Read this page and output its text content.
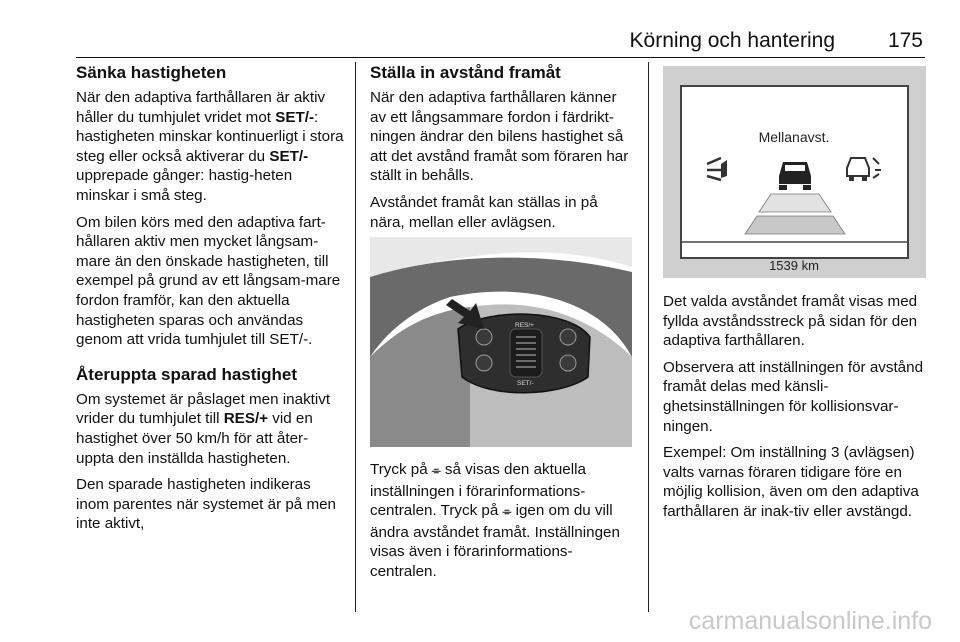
Körning och hantering	175
Sänka hastigheten

När den adaptiva farthållaren är aktiv håller du tumhjulet vridet mot SET/-: hastigheten minskar kontinuerligt i stora steg eller också aktiverar du SET/- upprepade gånger: hastig-heten minskar i små steg.

Om bilen körs med den adaptiva fart-hållaren aktiv men mycket långsam-mare än den önskade hastigheten, till exempel på grund av ett långsam-mare fordon framför, kan den aktuella hastigheten sparas och användas genom att vrida tumhjulet till SET/-.

Återuppta sparad hastighet

Om systemet är påslaget men inaktivt vrider du tumhjulet till RES/+ vid en hastighet över 50 km/h för att åter-uppta den inställda hastigheten.

Den sparade hastigheten indikeras inom parentes när systemet är på men inte aktivt,

Ställa in avstånd framåt

När den adaptiva farthållaren känner av ett långsammare fordon i färdrikt-ningen ändrar den bilens hastighet så att det avstånd framåt som föraren har ställt in behålls.

Avståndet framåt kan ställas in på nära, mellan eller avlägsen.

RES/+
SET/-

Tryck på ⌯ så visas den aktuella inställningen i förarinformations-centralen. Tryck på ⌯ igen om du vill ändra avståndet framåt. Inställningen visas även i förarinformations-centralen.

Mellanavst.
1539 km

Det valda avståndet framåt visas med fyllda avståndsstreck på sidan för den adaptiva farthållaren.

Observera att inställningen för avstånd framåt delas med känsli-ghetsinställningen för kollisionsvar-ningen.

Exempel: Om inställning 3 (avlägsen) valts varnas föraren tidigare före en möjlig kollision, även om den adaptiva farthållaren är inak-tiv eller avstängd.

carmanualsonline.info
